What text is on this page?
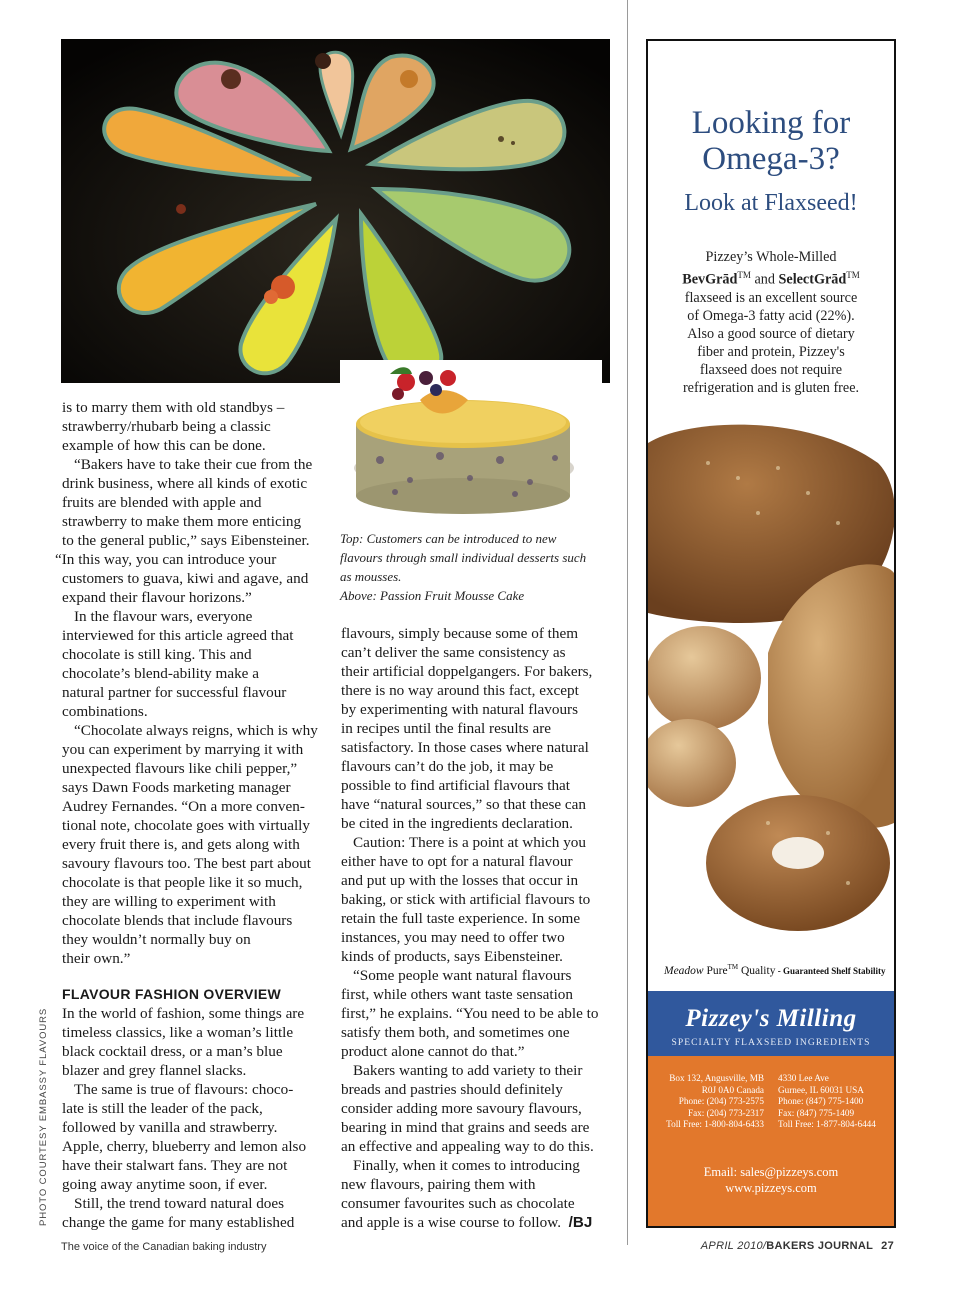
PHOTO COURTESY EMBASSY FLAVOURS

is to marry them with old standbys –
strawberry/rhubarb being a classic
example of how this can be done.

“Bakers have to take their cue from the
drink business, where all kinds of exotic
fruits are blended with apple and
strawberry to make them more enticing
to the general public,” says Eibensteiner.
“In this way, you can introduce your
customers to guava, kiwi and agave, and
expand their flavour horizons.”

In the flavour wars, everyone
interviewed for this article agreed that
chocolate is still king. This and
chocolate’s blend-ability make a
natural partner for successful flavour
combinations.

“Chocolate always reigns, which is why
you can experiment by marrying it with
unexpected flavours like chili pepper,”
says Dawn Foods marketing manager
Audrey Fernandes. “On a more conven-
tional note, chocolate goes with virtually
every fruit there is, and gets along with
savoury flavours too. The best part about
chocolate is that people like it so much,
they are willing to experiment with
chocolate blends that include flavours
they wouldn’t normally buy on
their own.”

FLAVOUR FASHION OVERVIEW

In the world of fashion, some things are
timeless classics, like a woman’s little
black cocktail dress, or a man’s blue
blazer and grey flannel slacks.

The same is true of flavours: choco-
late is still the leader of the pack,
followed by vanilla and strawberry.
Apple, cherry, blueberry and lemon also
have their stalwart fans. They are not
going away anytime soon, if ever.

Still, the trend toward natural does
change the game for many established

Top: Customers can be introduced to new
flavours through small individual desserts such
as mousses.
Above: Passion Fruit Mousse Cake

flavours, simply because some of them
can’t deliver the same consistency as
their artificial doppelgangers. For bakers,
there is no way around this fact, except
by experimenting with natural flavours
in recipes until the final results are
satisfactory. In those cases where natural
flavours can’t do the job, it may be
possible to find artificial flavours that
have “natural sources,” so that these can
be cited in the ingredients declaration.

Caution: There is a point at which you
either have to opt for a natural flavour
and put up with the losses that occur in
baking, or stick with artificial flavours to
retain the full taste experience. In some
instances, you may need to offer two
kinds of products, says Eibensteiner.

“Some people want natural flavours
first, while others want taste sensation
first,” he explains. “You need to be able to
satisfy them both, and sometimes one
product alone cannot do that.”

Bakers wanting to add variety to their
breads and pastries should definitely
consider adding more savoury flavours,
bearing in mind that grains and seeds are
an effective and appealing way to do this.

Finally, when it comes to introducing
new flavours, pairing them with
consumer favourites such as chocolate
and apple is a wise course to follow. /BJ

The voice of the Canadian baking industry	APRIL 2010/BAKERS JOURNAL 27
Looking for
Omega-3?
Look at Flaxseed!
Pizzey’s Whole-Milled
BevGrād™ and SelectGrād™
flaxseed is an excellent source
of Omega-3 fatty acid (22%).
Also a good source of dietary
fiber and protein, Pizzey's
flaxseed does not require
refrigeration and is gluten free.
Meadow Pure™ Quality - Guaranteed Shelf Stability
Pizzey's Milling
SPECIALTY FLAXSEED INGREDIENTS
Box 132, Angusville, MB
R0J 0A0 Canada
Phone: (204) 773-2575
Fax: (204) 773-2317
Toll Free: 1-800-804-6433
4330 Lee Ave
Gurnee, IL 60031 USA
Phone: (847) 775-1400
Fax: (847) 775-1409
Toll Free: 1-877-804-6444
Email: sales@pizzeys.com
www.pizzeys.com
